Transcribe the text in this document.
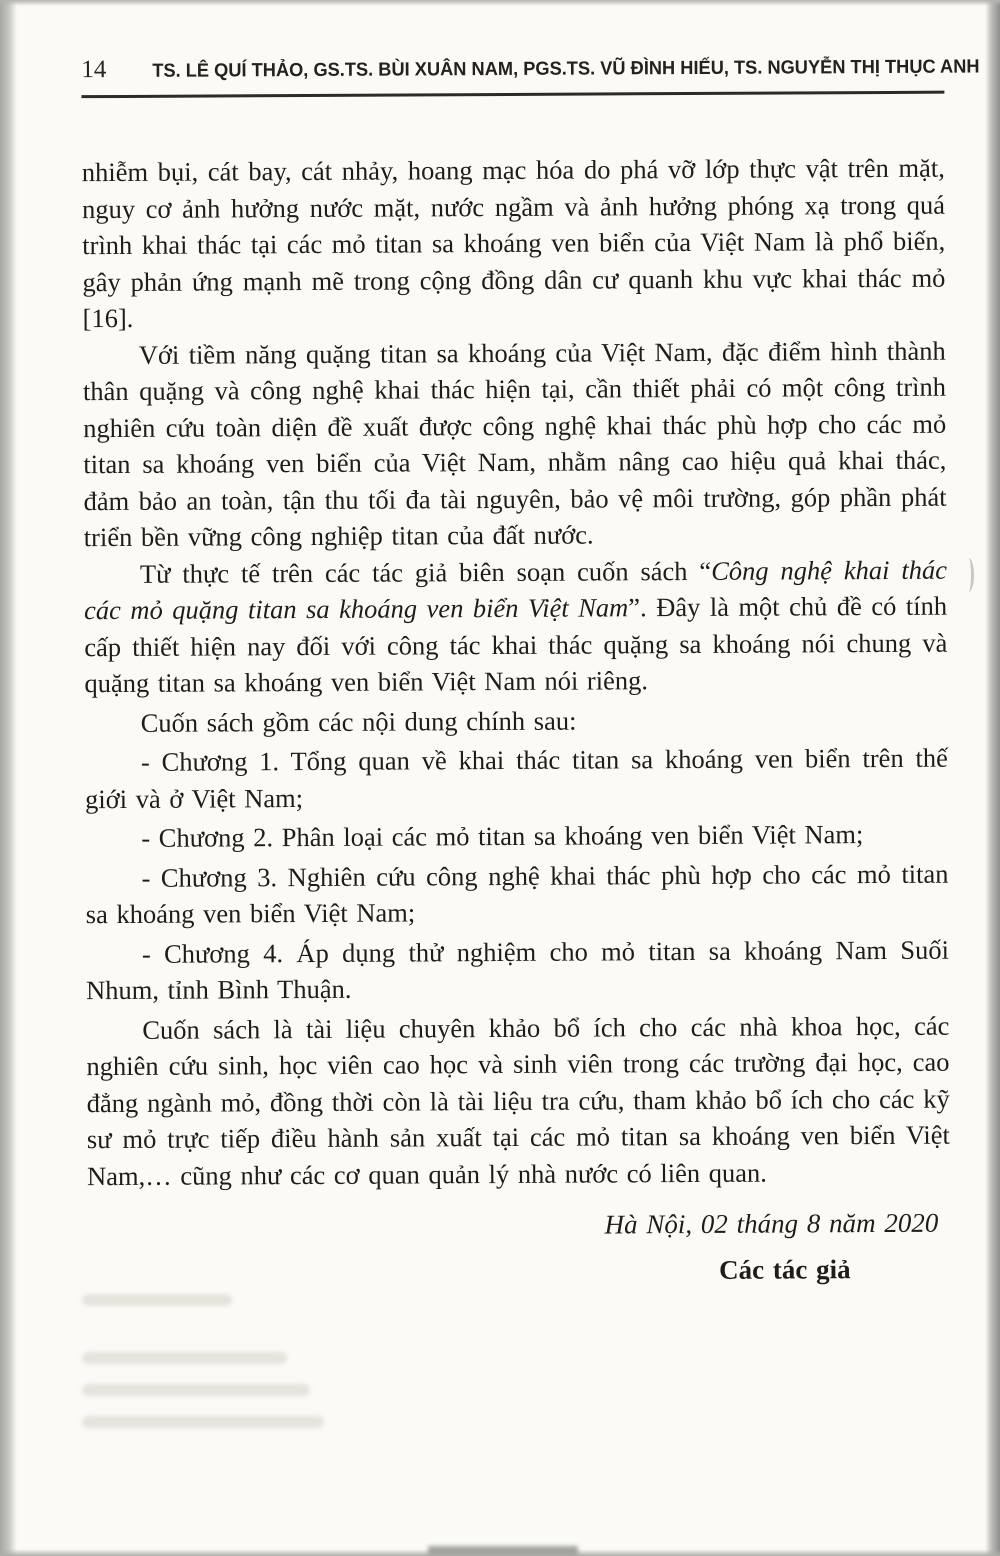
14 TS. LÊ QUÍ THẢO, GS.TS. BÙI XUÂN NAM, PGS.TS. VŨ ĐÌNH HIẾU, TS. NGUYỄN THỊ THỤC ANH

nhiễm bụi, cát bay, cát nhảy, hoang mạc hóa do phá vỡ lớp thực vật trên mặt, nguy cơ ảnh hưởng nước mặt, nước ngầm và ảnh hưởng phóng xạ trong quá trình khai thác tại các mỏ titan sa khoáng ven biển của Việt Nam là phổ biến, gây phản ứng mạnh mẽ trong cộng đồng dân cư quanh khu vực khai thác mỏ [16].

Với tiềm năng quặng titan sa khoáng của Việt Nam, đặc điểm hình thành thân quặng và công nghệ khai thác hiện tại, cần thiết phải có một công trình nghiên cứu toàn diện đề xuất được công nghệ khai thác phù hợp cho các mỏ titan sa khoáng ven biển của Việt Nam, nhằm nâng cao hiệu quả khai thác, đảm bảo an toàn, tận thu tối đa tài nguyên, bảo vệ môi trường, góp phần phát triển bền vững công nghiệp titan của đất nước.

Từ thực tế trên các tác giả biên soạn cuốn sách “Công nghệ khai thác các mỏ quặng titan sa khoáng ven biển Việt Nam”. Đây là một chủ đề có tính cấp thiết hiện nay đối với công tác khai thác quặng sa khoáng nói chung và quặng titan sa khoáng ven biển Việt Nam nói riêng.

Cuốn sách gồm các nội dung chính sau:

- Chương 1. Tổng quan về khai thác titan sa khoáng ven biển trên thế giới và ở Việt Nam;

- Chương 2. Phân loại các mỏ titan sa khoáng ven biển Việt Nam;

- Chương 3. Nghiên cứu công nghệ khai thác phù hợp cho các mỏ titan sa khoáng ven biển Việt Nam;

- Chương 4. Áp dụng thử nghiệm cho mỏ titan sa khoáng Nam Suối Nhum, tỉnh Bình Thuận.

Cuốn sách là tài liệu chuyên khảo bổ ích cho các nhà khoa học, các nghiên cứu sinh, học viên cao học và sinh viên trong các trường đại học, cao đẳng ngành mỏ, đồng thời còn là tài liệu tra cứu, tham khảo bổ ích cho các kỹ sư mỏ trực tiếp điều hành sản xuất tại các mỏ titan sa khoáng ven biển Việt Nam,… cũng như các cơ quan quản lý nhà nước có liên quan.

Hà Nội, 02 tháng 8 năm 2020

Các tác giả
